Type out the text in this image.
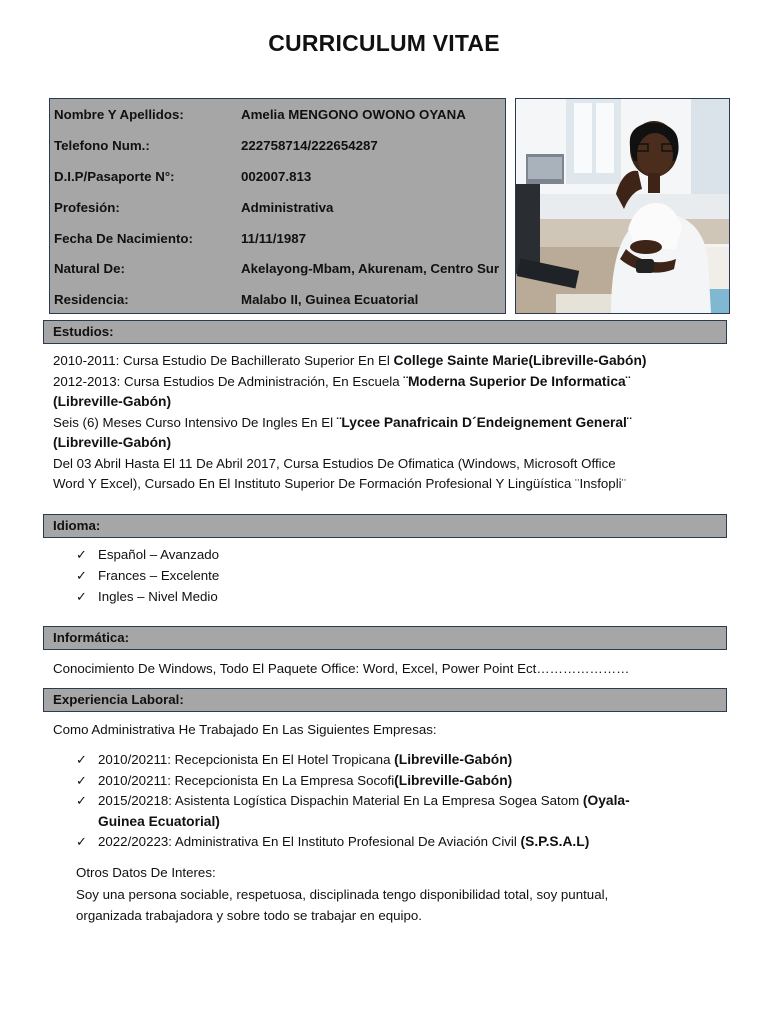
CURRICULUM VITAE
Nombre Y Apellidos:	Amelia MENGONO OWONO OYANA
Telefono Num.:	222758714/222654287
D.I.P/Pasaporte N°:	002007.813
Profesión:	Administrativa
Fecha De Nacimiento:	11/11/1987
Natural De:	Akelayong-Mbam, Akurenam, Centro Sur
Residencia:	Malabo II, Guinea Ecuatorial
Estudios:
2010-2011: Cursa Estudio De Bachillerato Superior En El College Sainte Marie(Libreville-Gabón)
2012-2013: Cursa Estudios De Administración, En Escuela ¨Moderna Superior De Informatica¨
(Libreville-Gabón)
Seis (6) Meses Curso Intensivo De Ingles En El ¨Lycee Panafricain D´Endeignement General¨
(Libreville-Gabón)
Del 03 Abril Hasta El 11 De Abril 2017, Cursa Estudios De Ofimatica (Windows, Microsoft Office
Word Y Excel), Cursado En El Instituto Superior De Formación Profesional Y Lingüística ¨Insfopli¨
Idioma:
✓ Español – Avanzado
✓ Frances – Excelente
✓ Ingles – Nivel Medio
Informática:
Conocimiento De Windows, Todo El Paquete Office: Word, Excel, Power Point Ect…………………
Experiencia Laboral:
Como Administrativa He Trabajado En Las Siguientes Empresas:
✓ 2010/20211: Recepcionista En El Hotel Tropicana (Libreville-Gabón)
✓ 2010/20211: Recepcionista En La Empresa Socofi(Libreville-Gabón)
✓ 2015/20218: Asistenta Logística Dispachin Material En La Empresa Sogea Satom (Oyala-
Guinea Ecuatorial)
✓ 2022/20223: Administrativa En El Instituto Profesional De Aviación Civil (S.P.S.A.L)
Otros Datos De Interes:
Soy una persona sociable, respetuosa, disciplinada tengo disponibilidad total, soy puntual,
organizada trabajadora y sobre todo se trabajar en equipo.
